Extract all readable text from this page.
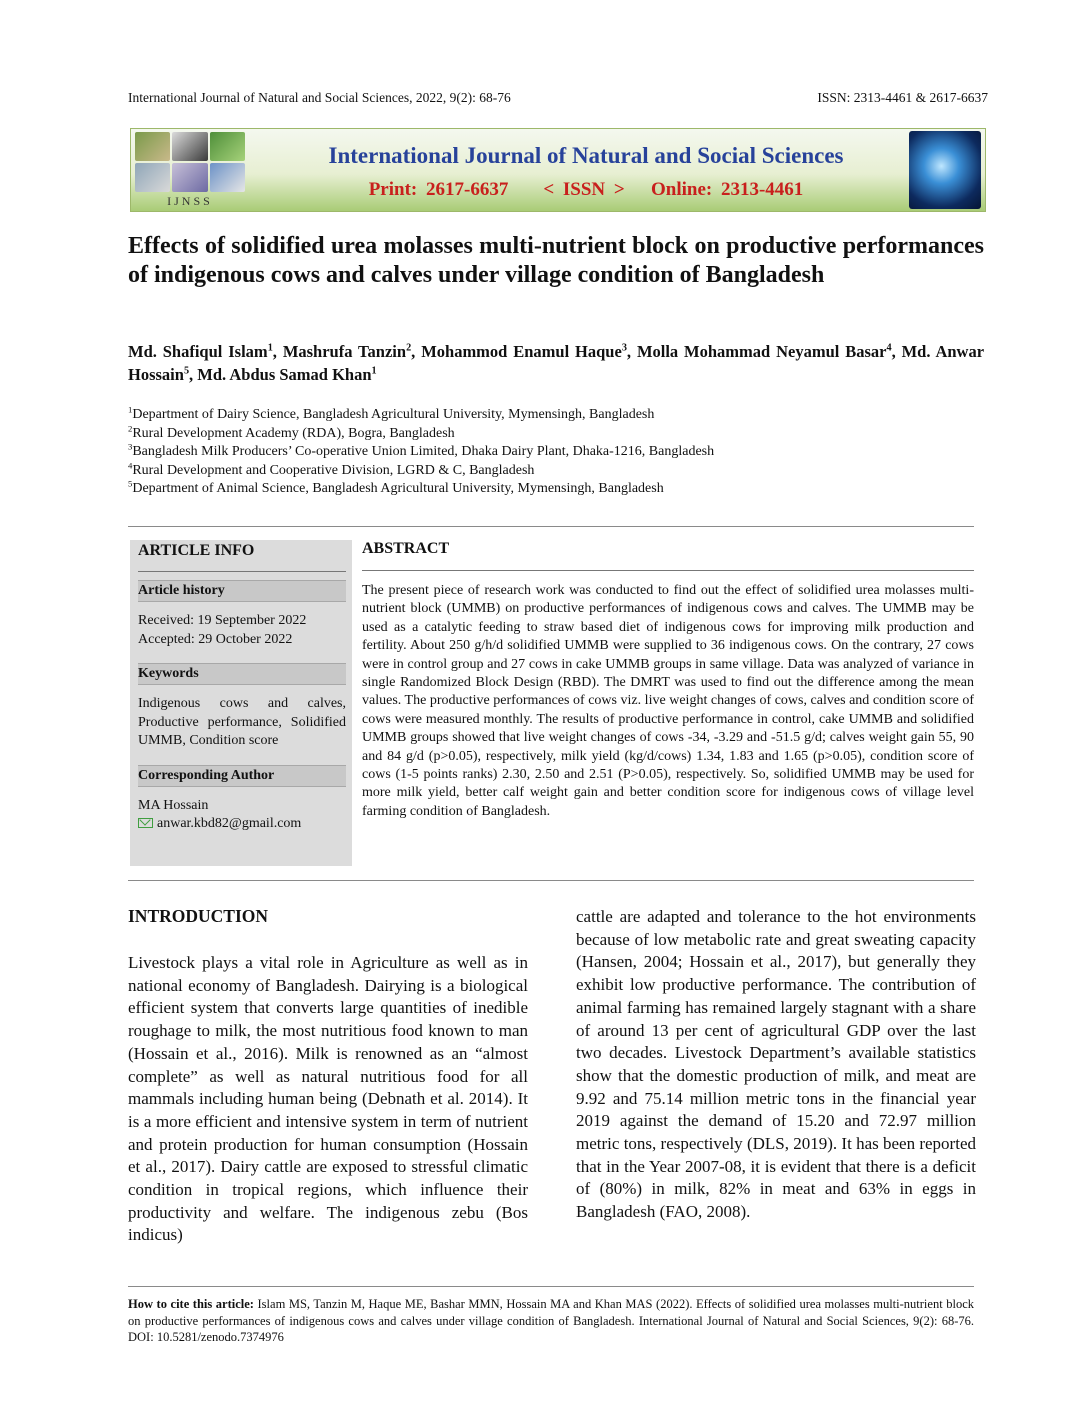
International Journal of Natural and Social Sciences, 2022, 9(2): 68-76	ISSN: 2313-4461 & 2617-6637
IJNSS
International Journal of Natural and Social Sciences
Print: 2617-6637    < ISSN >   Online: 2313-4461
Effects of solidified urea molasses multi-nutrient block on productive performances of indigenous cows and calves under village condition of Bangladesh

Md. Shafiqul Islam$^1$, Mashrufa Tanzin$^2$, Mohammod Enamul Haque$^3$, Molla Mohammad Neyamul Basar$^4$, Md. Anwar Hossain$^5$, Md. Abdus Samad Khan$^1$

$^1$Department of Dairy Science, Bangladesh Agricultural University, Mymensingh, Bangladesh
$^2$Rural Development Academy (RDA), Bogra, Bangladesh
$^3$Bangladesh Milk Producers’ Co-operative Union Limited, Dhaka Dairy Plant, Dhaka-1216, Bangladesh
$^4$Rural Development and Cooperative Division, LGRD & C, Bangladesh
$^5$Department of Animal Science, Bangladesh Agricultural University, Mymensingh, Bangladesh
ARTICLE INFO
Article history
Received: 19 September 2022
Accepted: 29 October 2022
Keywords
Indigenous cows and calves, Productive performance, Solidified UMMB, Condition score
Corresponding Author
MA Hossain
anwar.kbd82@gmail.com
ABSTRACT

The present piece of research work was conducted to find out the effect of solidified urea molasses multi-nutrient block (UMMB) on productive performances of indigenous cows and calves. The UMMB may be used as a catalytic feeding to straw based diet of indigenous cows for improving milk production and fertility. About 250 g/h/d solidified UMMB were supplied to 36 indigenous cows. On the contrary, 27 cows were in control group and 27 cows in cake UMMB groups in same village. Data was analyzed of variance in single Randomized Block Design (RBD). The DMRT was used to find out the difference among the mean values. The productive performances of cows viz. live weight changes of cows, calves and condition score of cows were measured monthly. The results of productive performance in control, cake UMMB and solidified UMMB groups showed that live weight changes of cows -34, -3.29 and -51.5 g/d; calves weight gain 55, 90 and 84 g/d (p>0.05), respectively, milk yield (kg/d/cows) 1.34, 1.83 and 1.65 (p>0.05), condition score of cows (1-5 points ranks) 2.30, 2.50 and 2.51 (P>0.05), respectively. So, solidified UMMB may be used for more milk yield, better calf weight gain and better condition score for indigenous cows of village level farming condition of Bangladesh.

INTRODUCTION

Livestock plays a vital role in Agriculture as well as in national economy of Bangladesh. Dairying is a biological efficient system that converts large quantities of inedible roughage to milk, the most nutritious food known to man (Hossain et al., 2016). Milk is renowned as an “almost complete” as well as natural nutritious food for all mammals including human being (Debnath et al. 2014). It is a more efficient and intensive system in term of nutrient and protein production for human consumption (Hossain et al., 2017). Dairy cattle are exposed to stressful climatic condition in tropical regions, which influence their productivity and welfare. The indigenous zebu (Bos indicus)

cattle are adapted and tolerance to the hot environments because of low metabolic rate and great sweating capacity (Hansen, 2004; Hossain et al., 2017), but generally they exhibit low productive performance. The contribution of animal farming has remained largely stagnant with a share of around 13 per cent of agricultural GDP over the last two decades. Livestock Department’s available statistics show that the domestic production of milk, and meat are 9.92 and 75.14 million metric tons in the financial year 2019 against the demand of 15.20 and 72.97 million metric tons, respectively (DLS, 2019). It has been reported that in the Year 2007-08, it is evident that there is a deficit of (80%) in milk, 82% in meat and 63% in eggs in Bangladesh (FAO, 2008).

How to cite this article: Islam MS, Tanzin M, Haque ME, Bashar MMN, Hossain MA and Khan MAS (2022). Effects of solidified urea molasses multi-nutrient block on productive performances of indigenous cows and calves under village condition of Bangladesh. International Journal of Natural and Social Sciences, 9(2): 68-76. DOI: 10.5281/zenodo.7374976
